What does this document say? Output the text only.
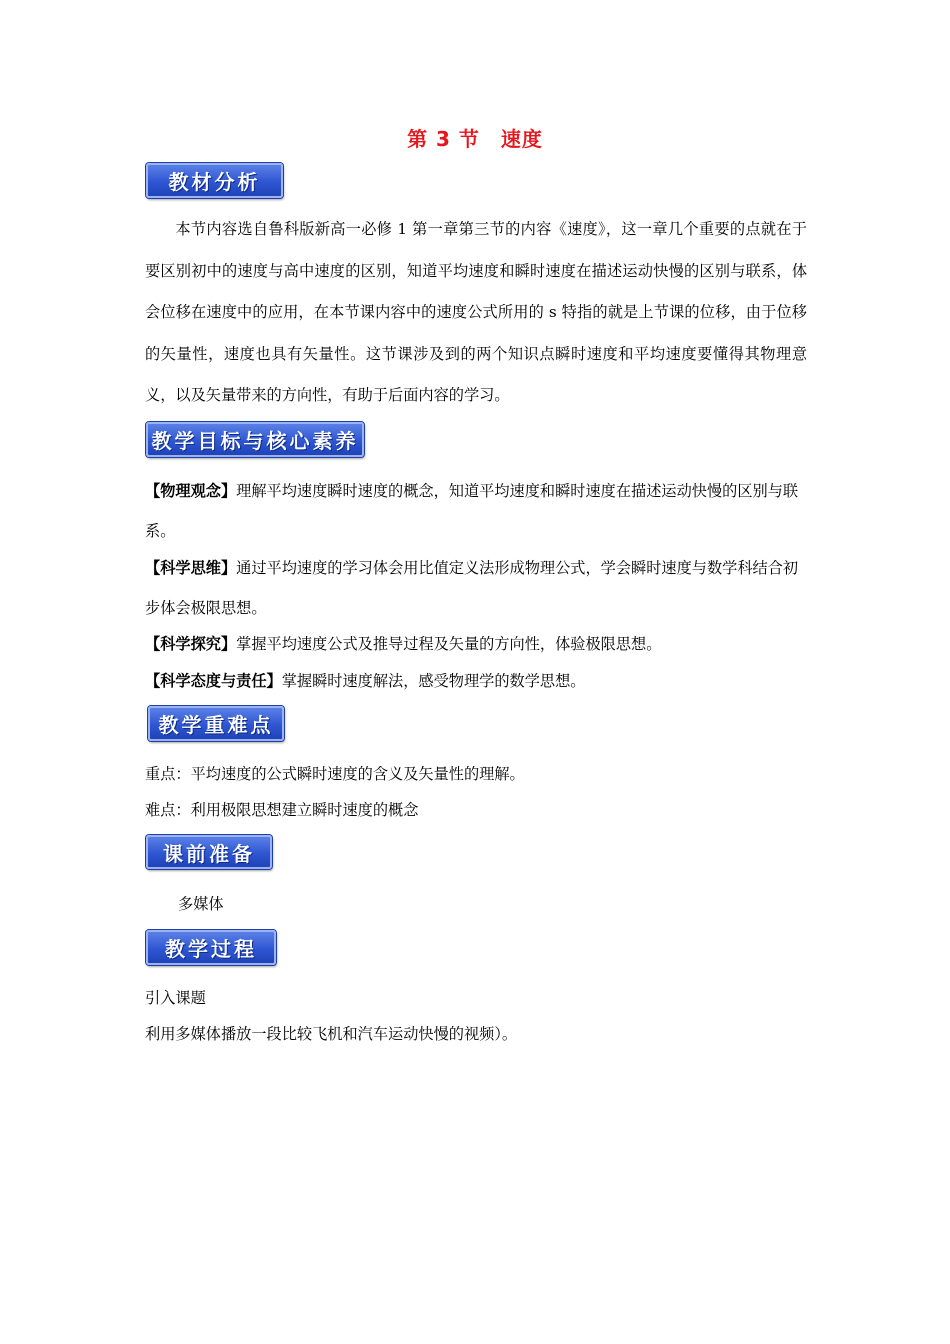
第 3 节　速度
教材分析

本节内容选自鲁科版新高一必修 1 第一章第三节的内容《速度》，这一章几个重要的点就在于要区别初中的速度与高中速度的区别，知道平均速度和瞬时速度在描述运动快慢的区别与联系，体会位移在速度中的应用，在本节课内容中的速度公式所用的 s 特指的就是上节课的位移，由于位移的矢量性，速度也具有矢量性。这节课涉及到的两个知识点瞬时速度和平均速度要懂得其物理意义，以及矢量带来的方向性，有助于后面内容的学习。

教学目标与核心素养
【物理观念】理解平均速度瞬时速度的概念，知道平均速度和瞬时速度在描述运动快慢的区别与联系。
【科学思维】通过平均速度的学习体会用比值定义法形成物理公式，学会瞬时速度与数学科结合初步体会极限思想。
【科学探究】掌握平均速度公式及推导过程及矢量的方向性，体验极限思想。
【科学态度与责任】掌握瞬时速度解法，感受物理学的数学思想。
教学重难点
重点：平均速度的公式瞬时速度的含义及矢量性的理解。
难点：利用极限思想建立瞬时速度的概念
课前准备
多媒体
教学过程
引入课题
利用多媒体播放一段比较飞机和汽车运动快慢的视频）。
